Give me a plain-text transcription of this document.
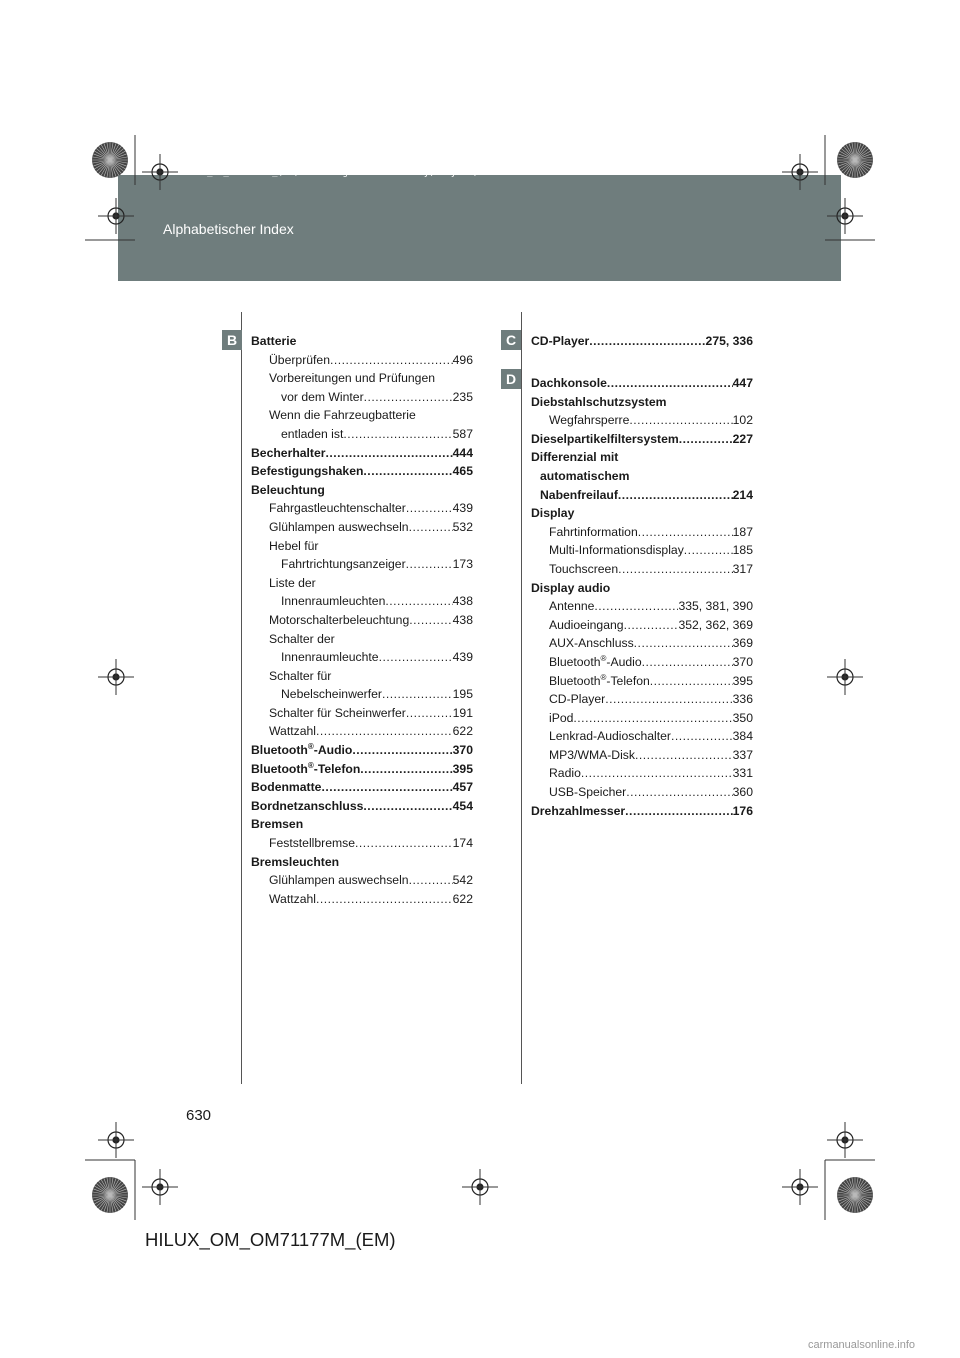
HILUX_OM_OM71177M_(EM).book Page 630 Wednesday, May 16, 2012 1:28 PM
Alphabetischer Index
B	C
D
Batterie
Überprüfen .....	496
Vorbereitungen und Prüfungen
vor dem Winter .....	235
Wenn die Fahrzeugbatterie
entladen ist .....	587
Becherhalter .....	444
Befestigungshaken .....	465
Beleuchtung
Fahrgastleuchtenschalter .....	439
Glühlampen auswechseln .....	532
Hebel für
Fahrtrichtungsanzeiger .....	173
Liste der
Innenraumleuchten .....	438
Motorschalterbeleuchtung .....	438
Schalter der
Innenraumleuchte .....	439
Schalter für
Nebelscheinwerfer .....	195
Schalter für Scheinwerfer .....	191
Wattzahl .....	622
Bluetooth®-Audio .....	370
Bluetooth®-Telefon .....	395
Bodenmatte .....	457
Bordnetzanschluss .....	454
Bremsen
Feststellbremse .....	174
Bremsleuchten
Glühlampen auswechseln .....	542
Wattzahl .....	622
CD-Player .....	275, 336
Dachkonsole .....	447
Diebstahlschutzsystem
Wegfahrsperre .....	102
Dieselpartikelfiltersystem .....	227
Differenzial mit
automatischem
Nabenfreilauf .....	214
Display
Fahrtinformation .....	187
Multi-Informationsdisplay .....	185
Touchscreen .....	317
Display audio
Antenne .....	335, 381, 390
Audioeingang .....	352, 362, 369
AUX-Anschluss .....	369
Bluetooth®-Audio .....	370
Bluetooth®-Telefon .....	395
CD-Player .....	336
iPod .....	350
Lenkrad-Audioschalter .....	384
MP3/WMA-Disk .....	337
Radio .....	331
USB-Speicher .....	360
Drehzahlmesser .....	176
630
HILUX_OM_OM71177M_(EM)
carmanualsonline.info
